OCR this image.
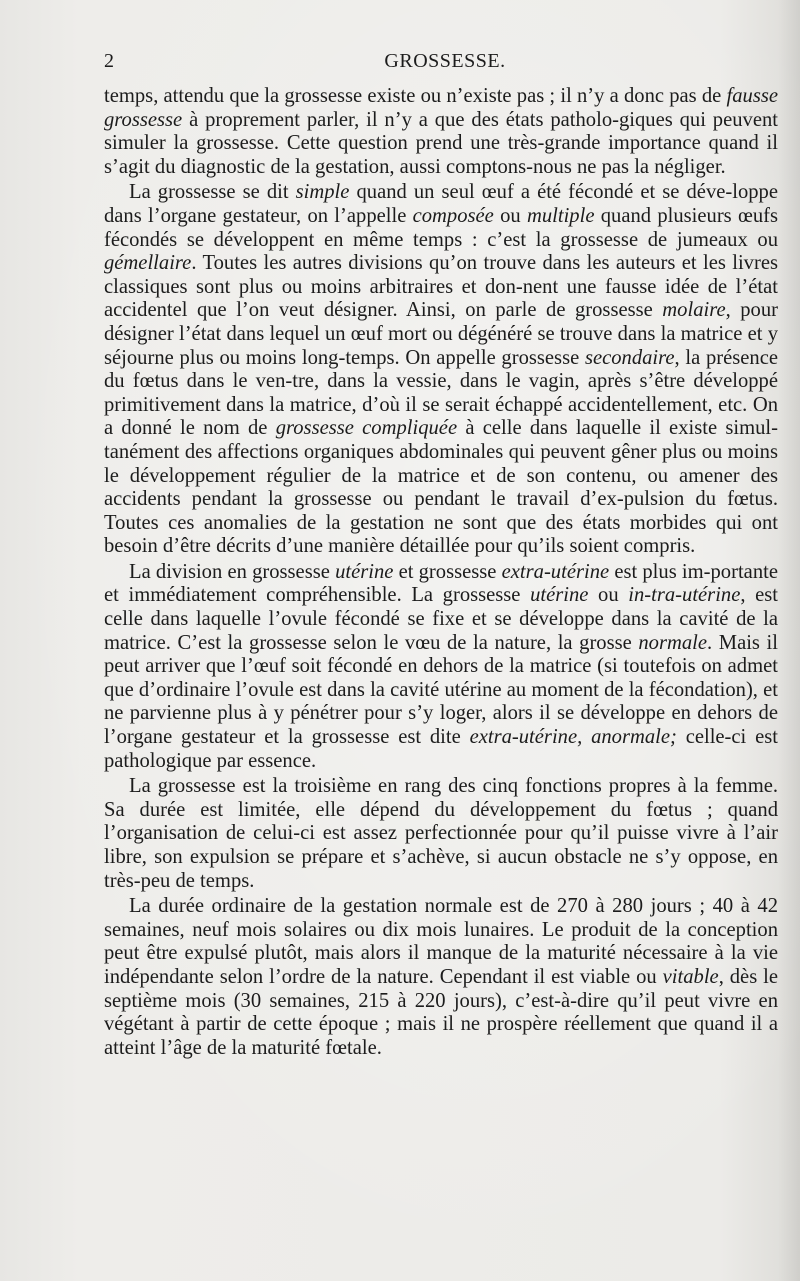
2	GROSSESSE.

temps, attendu que la grossesse existe ou n’existe pas ; il n’y a donc pas de fausse grossesse à proprement parler, il n’y a que des états patholo-giques qui peuvent simuler la grossesse. Cette question prend une très-grande importance quand il s’agit du diagnostic de la gestation, aussi comptons-nous ne pas la négliger.

La grossesse se dit simple quand un seul œuf a été fécondé et se déve-loppe dans l’organe gestateur, on l’appelle composée ou multiple quand plusieurs œufs fécondés se développent en même temps : c’est la grossesse de jumeaux ou gémellaire. Toutes les autres divisions qu’on trouve dans les auteurs et les livres classiques sont plus ou moins arbitraires et don-nent une fausse idée de l’état accidentel que l’on veut désigner. Ainsi, on parle de grossesse molaire, pour désigner l’état dans lequel un œuf mort ou dégénéré se trouve dans la matrice et y séjourne plus ou moins long-temps. On appelle grossesse secondaire, la présence du fœtus dans le ven-tre, dans la vessie, dans le vagin, après s’être développé primitivement dans la matrice, d’où il se serait échappé accidentellement, etc. On a donné le nom de grossesse compliquée à celle dans laquelle il existe simul-tanément des affections organiques abdominales qui peuvent gêner plus ou moins le développement régulier de la matrice et de son contenu, ou amener des accidents pendant la grossesse ou pendant le travail d’ex-pulsion du fœtus. Toutes ces anomalies de la gestation ne sont que des états morbides qui ont besoin d’être décrits d’une manière détaillée pour qu’ils soient compris.

La division en grossesse utérine et grossesse extra-utérine est plus im-portante et immédiatement compréhensible. La grossesse utérine ou in-tra-utérine, est celle dans laquelle l’ovule fécondé se fixe et se développe dans la cavité de la matrice. C’est la grossesse selon le vœu de la nature, la grosse normale. Mais il peut arriver que l’œuf soit fécondé en dehors de la matrice (si toutefois on admet que d’ordinaire l’ovule est dans la cavité utérine au moment de la fécondation), et ne parvienne plus à y pénétrer pour s’y loger, alors il se développe en dehors de l’organe gestateur et la grossesse est dite extra-utérine, anormale; celle-ci est pathologique par essence.

La grossesse est la troisième en rang des cinq fonctions propres à la femme. Sa durée est limitée, elle dépend du développement du fœtus ; quand l’organisation de celui-ci est assez perfectionnée pour qu’il puisse vivre à l’air libre, son expulsion se prépare et s’achève, si aucun obstacle ne s’y oppose, en très-peu de temps.

La durée ordinaire de la gestation normale est de 270 à 280 jours ; 40 à 42 semaines, neuf mois solaires ou dix mois lunaires. Le produit de la conception peut être expulsé plutôt, mais alors il manque de la maturité nécessaire à la vie indépendante selon l’ordre de la nature. Cependant il est viable ou vitable, dès le septième mois (30 semaines, 215 à 220 jours), c’est-à-dire qu’il peut vivre en végétant à partir de cette époque ; mais il ne prospère réellement que quand il a atteint l’âge de la maturité fœtale.
